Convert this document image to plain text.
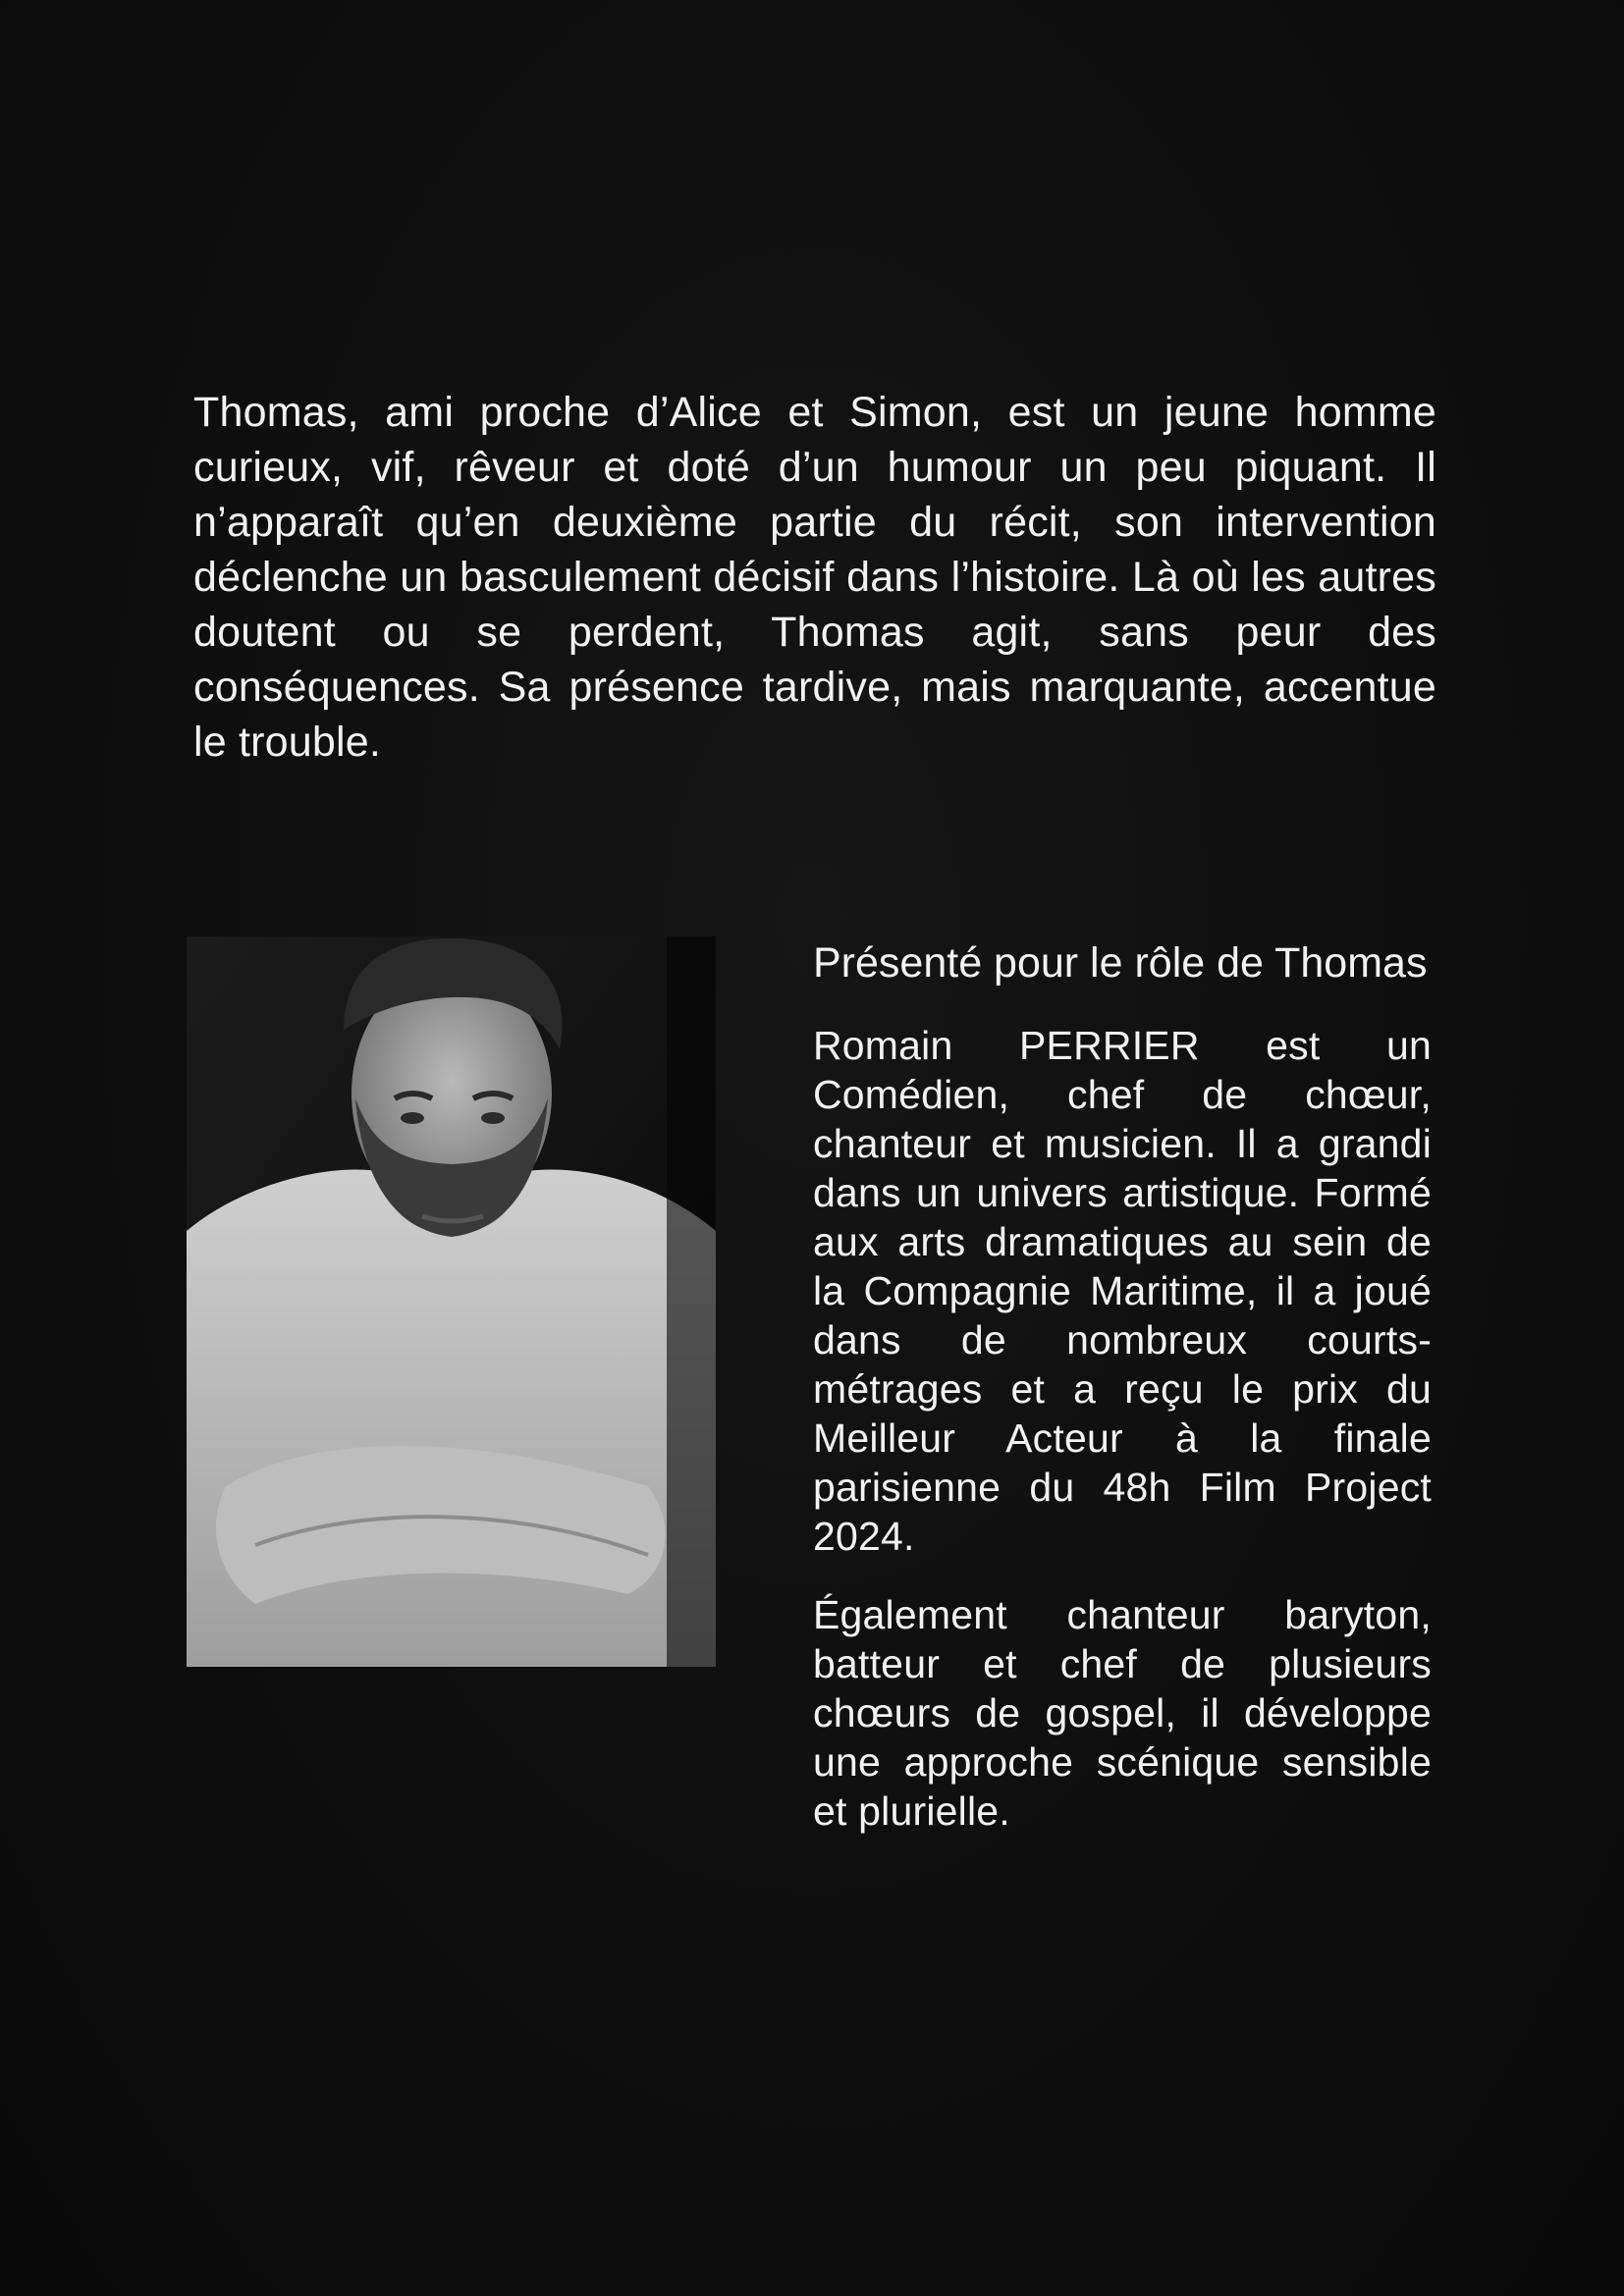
Thomas, ami proche d’Alice et Simon, est un jeune homme curieux, vif, rêveur et doté d’un humour un peu piquant. Il n’apparaît qu’en deuxième partie du récit, son intervention déclenche un basculement décisif dans l’histoire. Là où les autres doutent ou se perdent, Thomas agit, sans peur des conséquences. Sa présence tardive, mais marquante, accentue le trouble.

Présenté pour le rôle de Thomas

Romain PERRIER est un Comédien, chef de chœur, chanteur et musicien. Il a grandi dans un univers artistique. Formé aux arts dramatiques au sein de la Compagnie Maritime, il a joué dans de nombreux courts-métrages et a reçu le prix du Meilleur Acteur à la finale parisienne du 48h Film Project 2024.

Également chanteur baryton, batteur et chef de plusieurs chœurs de gospel, il développe une approche scénique sensible et plurielle.
